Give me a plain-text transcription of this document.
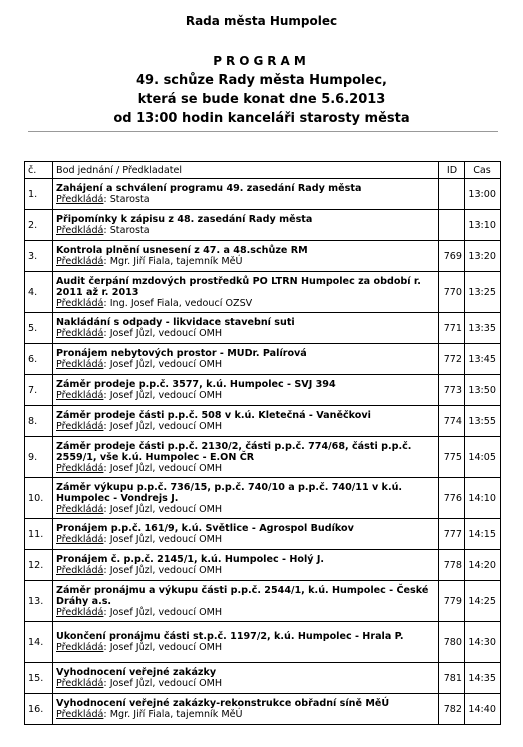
Rada města Humpolec
PROGRAM
49. schůze Rady města Humpolec,
která se bude konat dne 5.6.2013
od 13:00 hodin kanceláři starosty města
č.	Bod jednání / Předkladatel	ID	Cas
1.	Zahájení a schválení programu 49. zasedání Rady města
Předkládá: Starosta		13:00
2.	Připomínky k zápisu z 48. zasedání Rady města
Předkládá: Starosta		13:10
3.	Kontrola plnění usnesení z 47. a 48.schůze RM
Předkládá: Mgr. Jiří Fiala, tajemník MěÚ	769	13:20
4.	Audit čerpání mzdových prostředků PO LTRN Humpolec za období r. 2011 až r. 2013
Předkládá: Ing. Josef Fiala, vedoucí OZSV	770	13:25
5.	Nakládání s odpady - likvidace stavební suti
Předkládá: Josef Jůzl, vedoucí OMH	771	13:35
6.	Pronájem nebytových prostor - MUDr. Palírová
Předkládá: Josef Jůzl, vedoucí OMH	772	13:45
7.	Záměr prodeje p.p.č. 3577, k.ú. Humpolec - SVJ 394
Předkládá: Josef Jůzl, vedoucí OMH	773	13:50
8.	Záměr prodeje části p.p.č. 508 v k.ú. Kletečná - Vaněčkovi
Předkládá: Josef Jůzl, vedoucí OMH	774	13:55
9.	Záměr prodeje části p.p.č. 2130/2, části p.p.č. 774/68, části p.p.č. 2559/1, vše k.ú. Humpolec - E.ON ČR
Předkládá: Josef Jůzl, vedoucí OMH	775	14:05
10.	Záměr výkupu p.p.č. 736/15, p.p.č. 740/10 a p.p.č. 740/11 v k.ú. Humpolec - Vondrejs J.
Předkládá: Josef Jůzl, vedoucí OMH	776	14:10
11.	Pronájem p.p.č. 161/9, k.ú. Světlice - Agrospol Budíkov
Předkládá: Josef Jůzl, vedoucí OMH	777	14:15
12.	Pronájem č. p.p.č. 2145/1, k.ú. Humpolec - Holý J.
Předkládá: Josef Jůzl, vedoucí OMH	778	14:20
13.	Záměr pronájmu a výkupu části p.p.č. 2544/1, k.ú. Humpolec - České Dráhy a.s.
Předkládá: Josef Jůzl, vedoucí OMH	779	14:25
14.	Ukončení pronájmu části st.p.č. 1197/2, k.ú. Humpolec - Hrala P.
Předkládá: Josef Jůzl, vedoucí OMH	780	14:30
15.	Vyhodnocení veřejné zakázky
Předkládá: Josef Jůzl, vedoucí OMH	781	14:35
16.	Vyhodnocení veřejné zakázky-rekonstrukce obřadní síně MěÚ
Předkládá: Mgr. Jiří Fiala, tajemník MěÚ	782	14:40
